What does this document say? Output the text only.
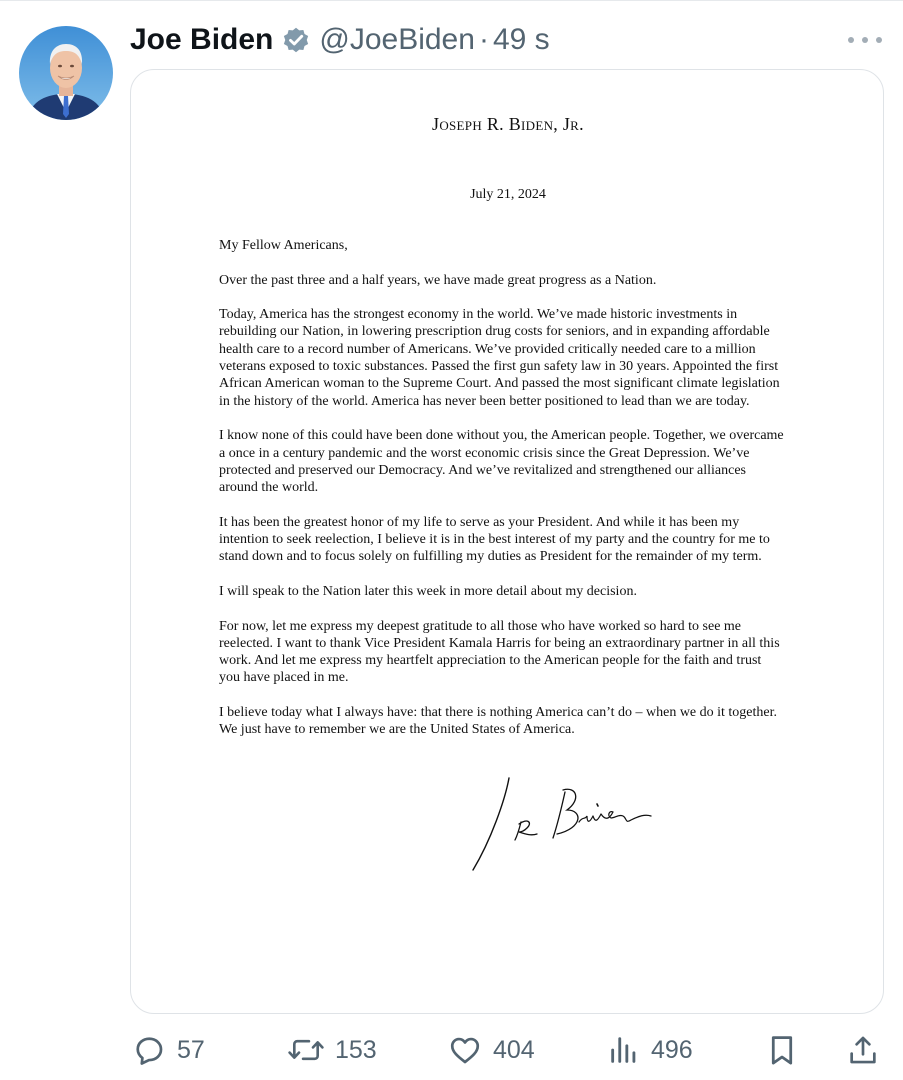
Joe Biden @JoeBiden · 49 s
Joseph R. Biden, Jr.
July 21, 2024

My Fellow Americans,

Over the past three and a half years, we have made great progress as a Nation.

Today, America has the strongest economy in the world. We’ve made historic investments in rebuilding our Nation, in lowering prescription drug costs for seniors, and in expanding affordable health care to a record number of Americans. We’ve provided critically needed care to a million veterans exposed to toxic substances. Passed the first gun safety law in 30 years. Appointed the first African American woman to the Supreme Court. And passed the most significant climate legislation in the history of the world. America has never been better positioned to lead than we are today.

I know none of this could have been done without you, the American people. Together, we overcame a once in a century pandemic and the worst economic crisis since the Great Depression. We’ve protected and preserved our Democracy. And we’ve revitalized and strengthened our alliances around the world.

It has been the greatest honor of my life to serve as your President. And while it has been my intention to seek reelection, I believe it is in the best interest of my party and the country for me to stand down and to focus solely on fulfilling my duties as President for the remainder of my term.

I will speak to the Nation later this week in more detail about my decision.

For now, let me express my deepest gratitude to all those who have worked so hard to see me reelected. I want to thank Vice President Kamala Harris for being an extraordinary partner in all this work. And let me express my heartfelt appreciation to the American people for the faith and trust you have placed in me.

I believe today what I always have: that there is nothing America can’t do – when we do it together. We just have to remember we are the United States of America.

57	153	404	496
